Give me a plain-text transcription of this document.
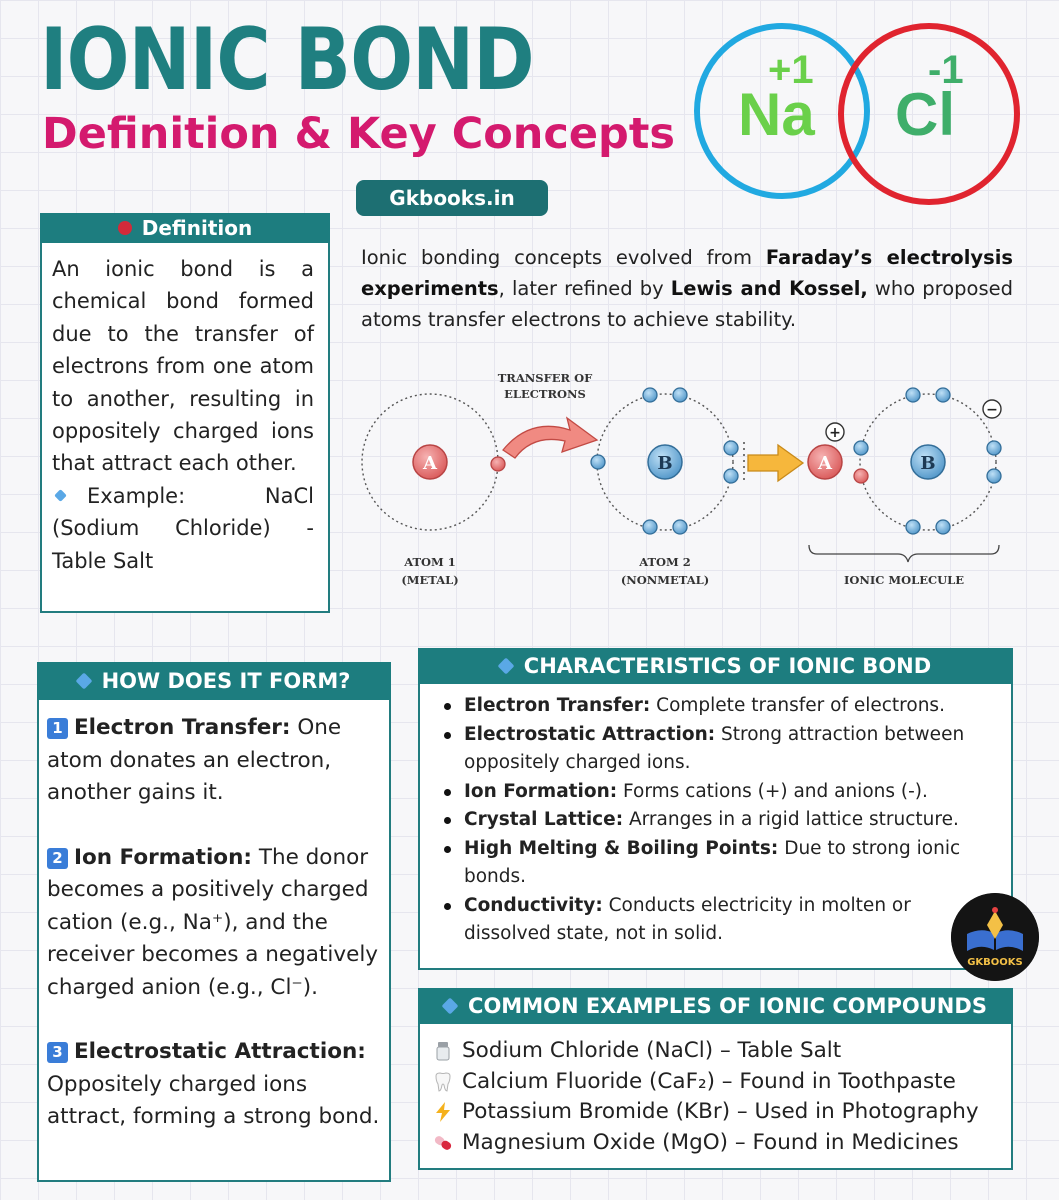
IONIC BOND
Definition & Key Concepts
Gkbooks.in
+1
Na
-1
Cl
Definition
An ionic bond is a chemical bond formed due to the transfer of electrons from one atom to another, resulting in oppositely charged ions that attract each other.
Example: NaCl (Sodium Chloride) - Table Salt
Ionic bonding concepts evolved from Faraday’s electrolysis experiments, later refined by Lewis and Kossel, who proposed atoms transfer electrons to achieve stability.
A
TRANSFER OF
ELECTRONS
B	A
+
B
−
ATOM 1
(METAL)
ATOM 2
(NONMETAL)	IONIC MOLECULE
HOW DOES IT FORM?
1 Electron Transfer: One atom donates an electron, another gains it.
2 Ion Formation: The donor becomes a positively charged cation (e.g., Na⁺), and the receiver becomes a negatively charged anion (e.g., Cl⁻).
3 Electrostatic Attraction: Oppositely charged ions attract, forming a strong bond.
CHARACTERISTICS OF IONIC BOND
Electron Transfer: Complete transfer of electrons.
Electrostatic Attraction: Strong attraction between oppositely charged ions.
Ion Formation: Forms cations (+) and anions (-).
Crystal Lattice: Arranges in a rigid lattice structure.
High Melting & Boiling Points: Due to strong ionic bonds.
Conductivity: Conducts electricity in molten or dissolved state, not in solid.
GKBOOKS
COMMON EXAMPLES OF IONIC COMPOUNDS
Sodium Chloride (NaCl) – Table Salt
Calcium Fluoride (CaF₂) – Found in Toothpaste
Potassium Bromide (KBr) – Used in Photography
Magnesium Oxide (MgO) – Found in Medicines
